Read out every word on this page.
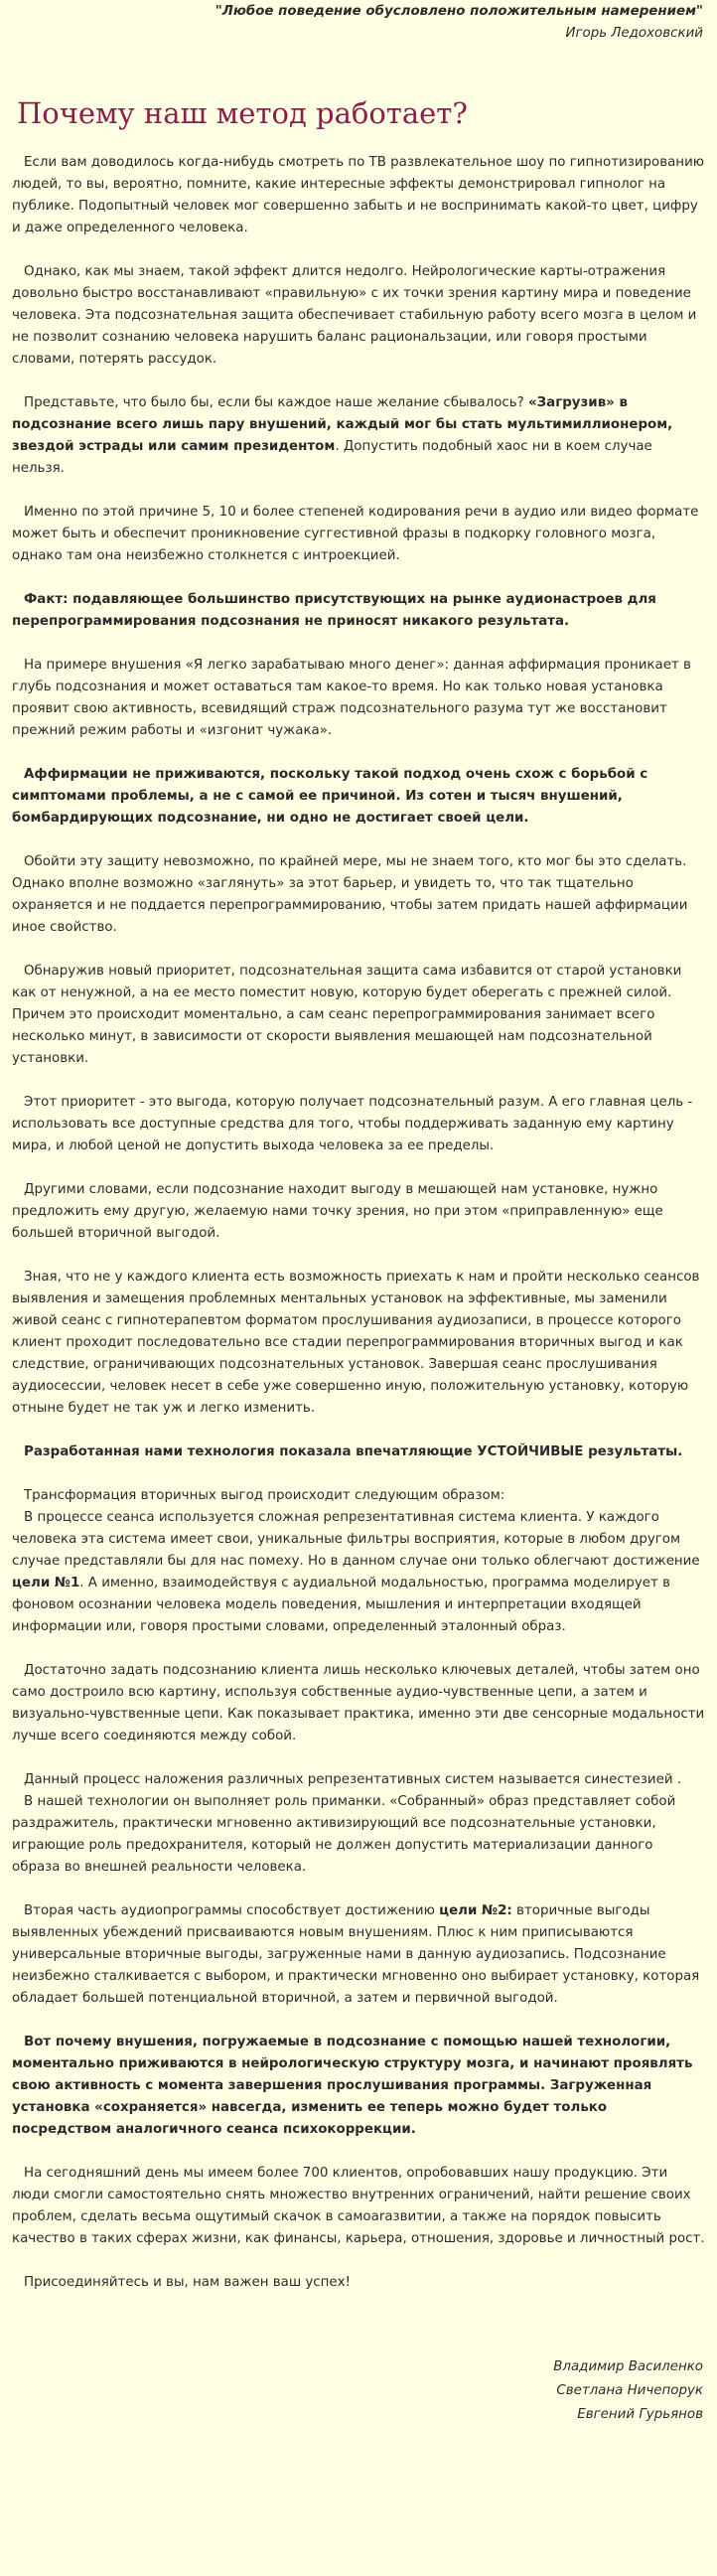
"Любое поведение обусловлено положительным намерением"
Игорь Ледоховский
Почему наш метод работает?

Если вам доводилось когда-нибудь смотреть по ТВ развлекательное шоу по гипнотизированию людей, то вы, вероятно, помните, какие интересные эффекты демонстрировал гипнолог на публике. Подопытный человек мог совершенно забыть и не воспринимать какой-то цвет, цифру и даже определенного человека.

Однако, как мы знаем, такой эффект длится недолго. Нейрологические карты-отражения довольно быстро восстанавливают «правильную» с их точки зрения картину мира и поведение человека. Эта подсознательная защита обеспечивает стабильную работу всего мозга в целом и не позволит сознанию человека нарушить баланс рациональзации, или говоря простыми словами, потерять рассудок.

Представьте, что было бы, если бы каждое наше желание сбывалось? «Загрузив» в подсознание всего лишь пару внушений, каждый мог бы стать мультимиллионером, звездой эстрады или самим президентом. Допустить подобный хаос ни в коем случае нельзя.

Именно по этой причине 5, 10 и более степеней кодирования речи в аудио или видео формате может быть и обеспечит проникновение суггестивной фразы в подкорку головного мозга, однако там она неизбежно столкнется с интроекцией.

Факт: подавляющее большинство присутствующих на рынке аудионастроев для перепрограммирования подсознания не приносят никакого результата.

На примере внушения «Я легко зарабатываю много денег»: данная аффирмация проникает в глубь подсознания и может оставаться там какое-то время. Но как только новая установка проявит свою активность, всевидящий страж подсознательного разума тут же восстановит прежний режим работы и «изгонит чужака».

Аффирмации не приживаются, поскольку такой подход очень схож с борьбой с симптомами проблемы, а не с самой ее причиной. Из сотен и тысяч внушений, бомбардирующих подсознание, ни одно не достигает своей цели.

Обойти эту защиту невозможно, по крайней мере, мы не знаем того, кто мог бы это сделать. Однако вполне возможно «заглянуть» за этот барьер, и увидеть то, что так тщательно охраняется и не поддается перепрограммированию, чтобы затем придать нашей аффирмации иное свойство.

Обнаружив новый приоритет, подсознательная защита сама избавится от старой установки как от ненужной, а на ее место поместит новую, которую будет оберегать с прежней силой. Причем это происходит моментально, а сам сеанс перепрограммирования занимает всего несколько минут, в зависимости от скорости выявления мешающей нам подсознательной установки.

Этот приоритет - это выгода, которую получает подсознательный разум. А его главная цель - использовать все доступные средства для того, чтобы поддерживать заданную ему картину мира, и любой ценой не допустить выхода человека за ее пределы.

Другими словами, если подсознание находит выгоду в мешающей нам установке, нужно предложить ему другую, желаемую нами точку зрения, но при этом «приправленную» еще большей вторичной выгодой.

Зная, что не у каждого клиента есть возможность приехать к нам и пройти несколько сеансов выявления и замещения проблемных ментальных установок на эффективные, мы заменили живой сеанс с гипнотерапевтом форматом прослушивания аудиозаписи, в процессе которого клиент проходит последовательно все стадии перепрограммирования вторичных выгод и как следствие, ограничивающих подсознательных установок. Завершая сеанс прослушивания аудиосессии, человек несет в себе уже совершенно иную, положительную установку, которую отныне будет не так уж и легко изменить.

Разработанная нами технология показала впечатляющие УСТОЙЧИВЫЕ результаты.

Трансформация вторичных выгод происходит следующим образом:
В процессе сеанса используется сложная репрезентативная система клиента. У каждого человека эта система имеет свои, уникальные фильтры восприятия, которые в любом другом случае представляли бы для нас помеху. Но в данном случае они только облегчают достижение цели №1. А именно, взаимодействуя с аудиальной модальностью, программа моделирует в фоновом осознании человека модель поведения, мышления и интерпретации входящей информации или, говоря простыми словами, определенный эталонный образ.

Достаточно задать подсознанию клиента лишь несколько ключевых деталей, чтобы затем оно само достроило всю картину, используя собственные аудио-чувственные цепи, а затем и визуально-чувственные цепи. Как показывает практика, именно эти две сенсорные модальности лучше всего соединяются между собой.

Данный процесс наложения различных репрезентативных систем называется синестезией .
В нашей технологии он выполняет роль приманки. «Собранный» образ представляет собой раздражитель, практически мгновенно активизирующий все подсознательные установки, играющие роль предохранителя, который не должен допустить материализации данного образа во внешней реальности человека.

Вторая часть аудиопрограммы способствует достижению цели №2: вторичные выгоды выявленных убеждений присваиваются новым внушениям. Плюс к ним приписываются универсальные вторичные выгоды, загруженные нами в данную аудиозапись. Подсознание неизбежно сталкивается с выбором, и практически мгновенно оно выбирает установку, которая обладает большей потенциальной вторичной, а затем и первичной выгодой.

Вот почему внушения, погружаемые в подсознание с помощью нашей технологии, моментально приживаются в нейрологическую структуру мозга, и начинают проявлять свою активность с момента завершения прослушивания программы. Загруженная установка «сохраняется» навсегда, изменить ее теперь можно будет только посредством аналогичного сеанса психокоррекции.

На сегодняшний день мы имеем более 700 клиентов, опробовавших нашу продукцию. Эти люди смогли самостоятельно снять множество внутренних ограничений, найти решение своих проблем, сделать весьма ощутимый скачок в самоarазвитии, а также на порядок повысить качество в таких сферах жизни, как финансы, карьера, отношения, здоровье и личностный рост.

Присоединяйтесь и вы, нам важен ваш успех!

Владимир Василенко
Светлана Ничепорук
Евгений Гурьянов
